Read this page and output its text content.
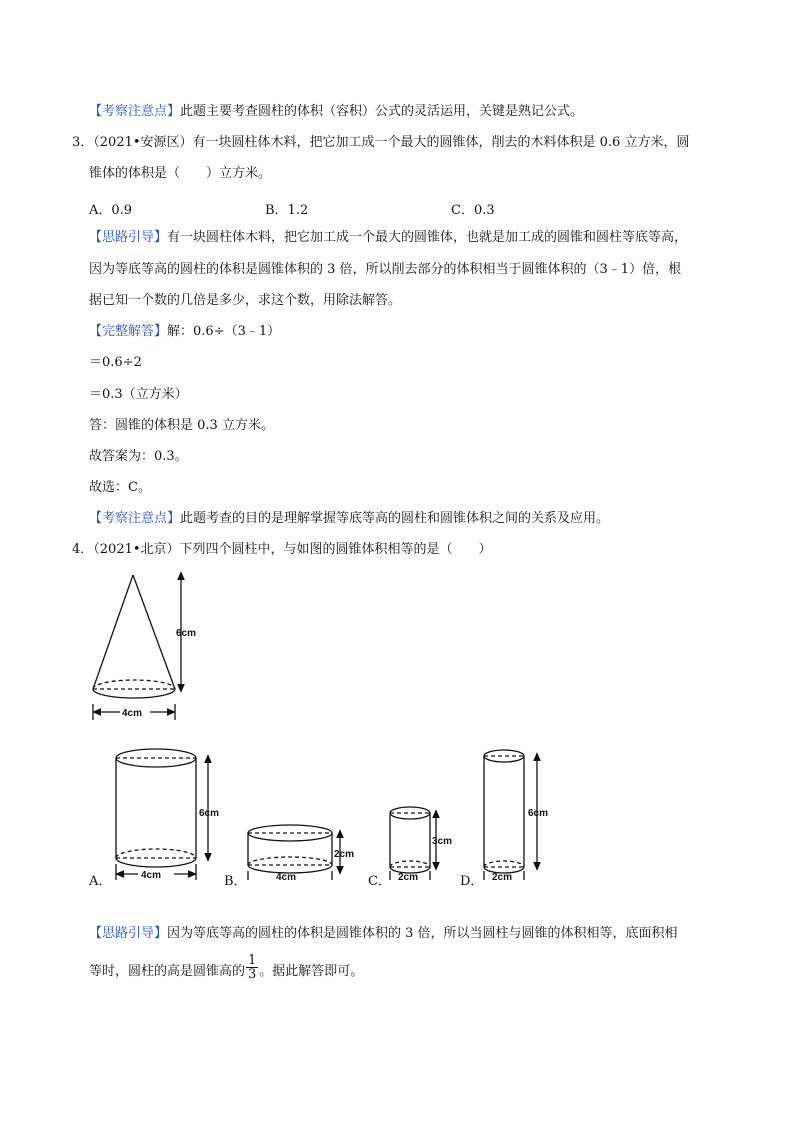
【考察注意点】此题主要考查圆柱的体积（容积）公式的灵活运用，关键是熟记公式。
3．（2021•安源区）有一块圆柱体木料，把它加工成一个最大的圆锥体，削去的木料体积是 0.6 立方米，圆
锥体的体积是（　　）立方米。
A．0.9	B．1.2	C．0.3
【思路引导】有一块圆柱体木料，把它加工成一个最大的圆锥体，也就是加工成的圆锥和圆柱等底等高，
因为等底等高的圆柱的体积是圆锥体积的 3 倍，所以削去部分的体积相当于圆锥体积的（3﹣1）倍，根
据已知一个数的几倍是多少，求这个数，用除法解答。
【完整解答】解：0.6÷（3﹣1）
＝0.6÷2
＝0.3（立方米）
答：圆锥的体积是 0.3 立方米。
故答案为：0.3。
故选：C。
【考察注意点】此题考查的目的是理解掌握等底等高的圆柱和圆锥体积之间的关系及应用。
4．（2021•北京）下列四个圆柱中，与如图的圆锥体积相等的是（　　）
6cm
4cm
6cm
4cm
2cm
4cm
3cm
2cm
6cm
2cm
A．	B．	C．	D．
【思路引导】因为等底等高的圆柱的体积是圆锥体积的 3 倍，所以当圆柱与圆锥的体积相等，底面积相
等时，圆柱的高是圆锥高的 $\frac{1}{3}$ 。据此解答即可。
